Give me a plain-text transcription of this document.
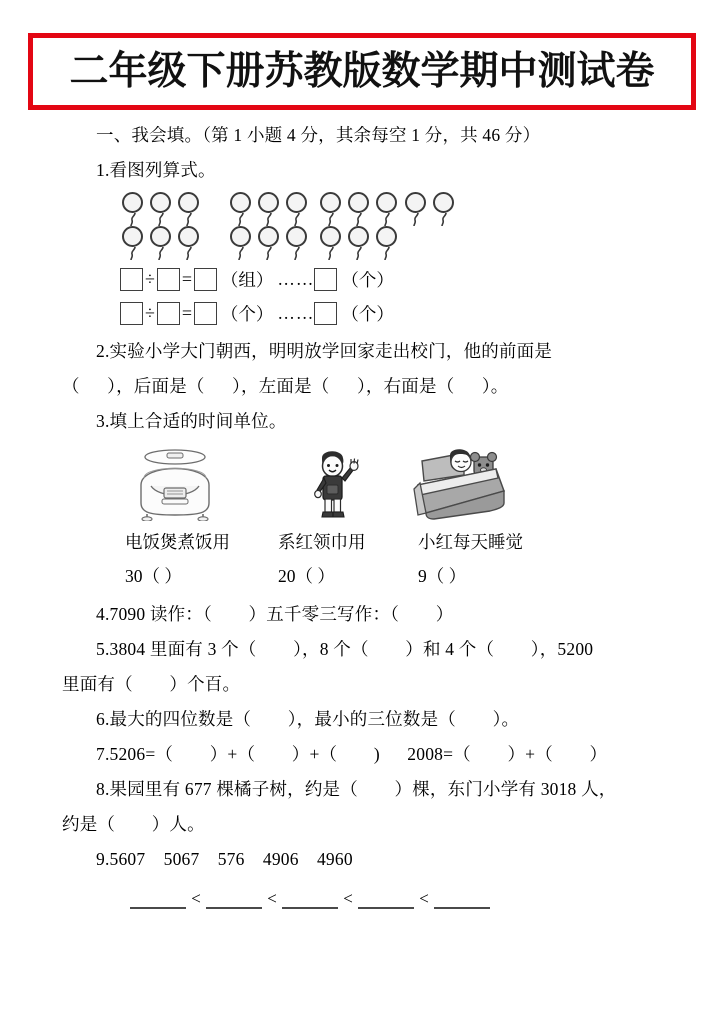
二年级下册苏教版数学期中测试卷
一、我会填。（第 1 小题 4 分，其余每空 1 分，共 46 分）
1.看图列算式。
÷ = （组） …… （个）
÷ = （个） …… （个）
2.实验小学大门朝西，明明放学回家走出校门，他的前面是
（      ），后面是（      ），左面是（      ），右面是（      ）。
3.填上合适的时间单位。
电饭煲煮饭用	系红领巾用	小红每天睡觉
30（ ）	20（ ）	9（ ）
4.7090 读作：（        ）五千零三写作：（        ）
5.3804 里面有 3 个（        ），8 个（        ）和 4 个（        ），5200
里面有（        ）个百。
6.最大的四位数是（        ），最小的三位数是（        ）。
7.5206=（        ）+（        ）+（        )      2008=（        ）+（        ）
8.果园里有 677 棵橘子树，约是（        ）棵，东门小学有 3018 人，
约是（        ）人。
9.5607    5067    576    4906    4960
<	<	<	<
